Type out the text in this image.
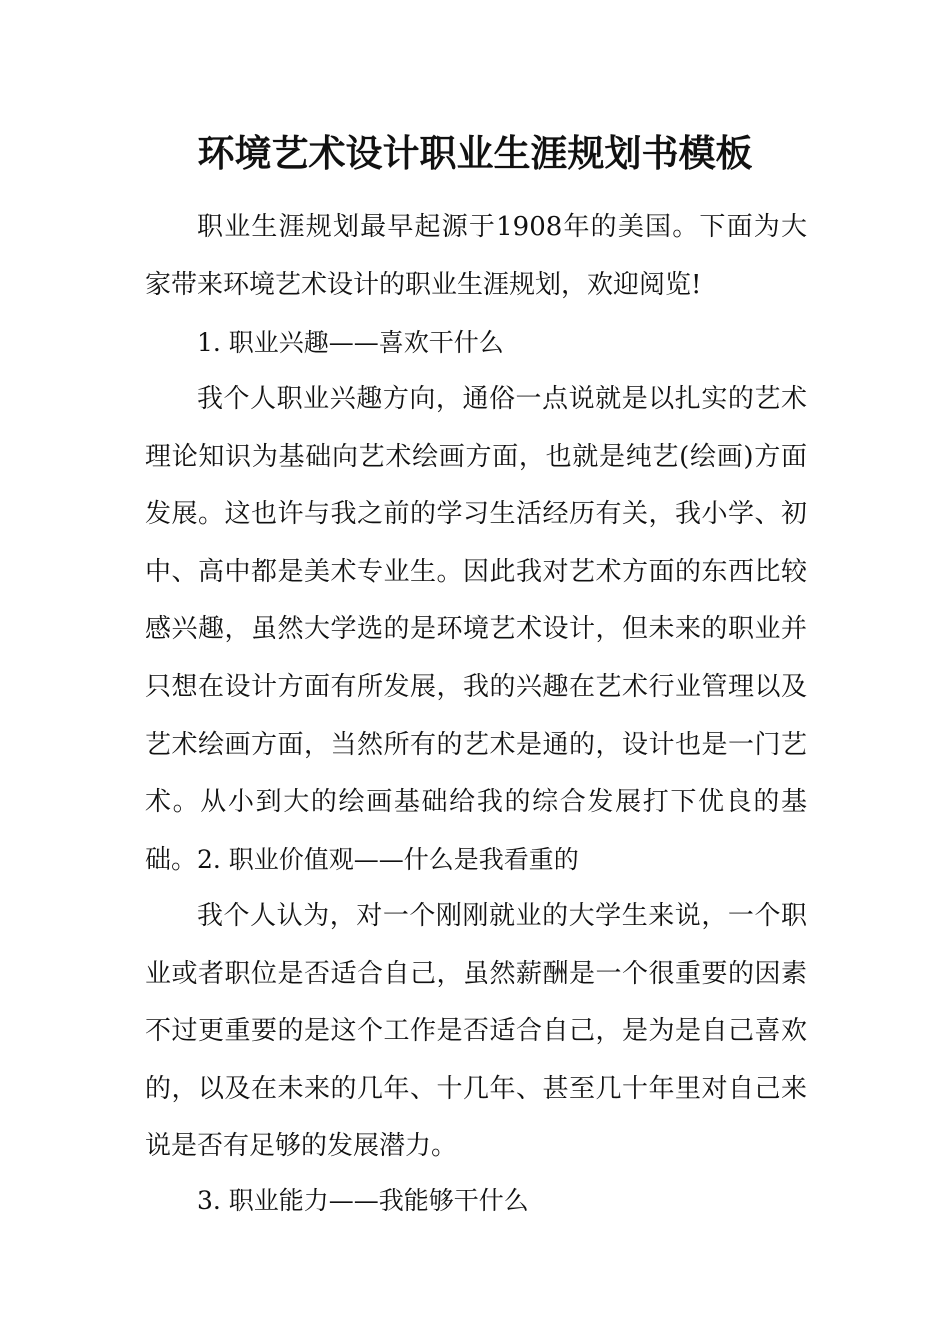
环境艺术设计职业生涯规划书模板

职业生涯规划最早起源于1908年的美国。下面为大家带来环境艺术设计的职业生涯规划，欢迎阅览!

1. 职业兴趣——喜欢干什么

我个人职业兴趣方向，通俗一点说就是以扎实的艺术理论知识为基础向艺术绘画方面，也就是纯艺(绘画)方面发展。这也许与我之前的学习生活经历有关，我小学、初中、高中都是美术专业生。因此我对艺术方面的东西比较感兴趣，虽然大学选的是环境艺术设计，但未来的职业并只想在设计方面有所发展，我的兴趣在艺术行业管理以及艺术绘画方面，当然所有的艺术是通的，设计也是一门艺术。从小到大的绘画基础给我的综合发展打下优良的基础。 2. 职业价值观——什么是我看重的

我个人认为，对一个刚刚就业的大学生来说，一个职业或者职位是否适合自己，虽然薪酬是一个很重要的因素不过更重要的是这个工作是否适合自己，是为是自己喜欢的，以及在未来的几年、十几年、甚至几十年里对自己来说是否有足够的发展潜力。

3. 职业能力——我能够干什么
